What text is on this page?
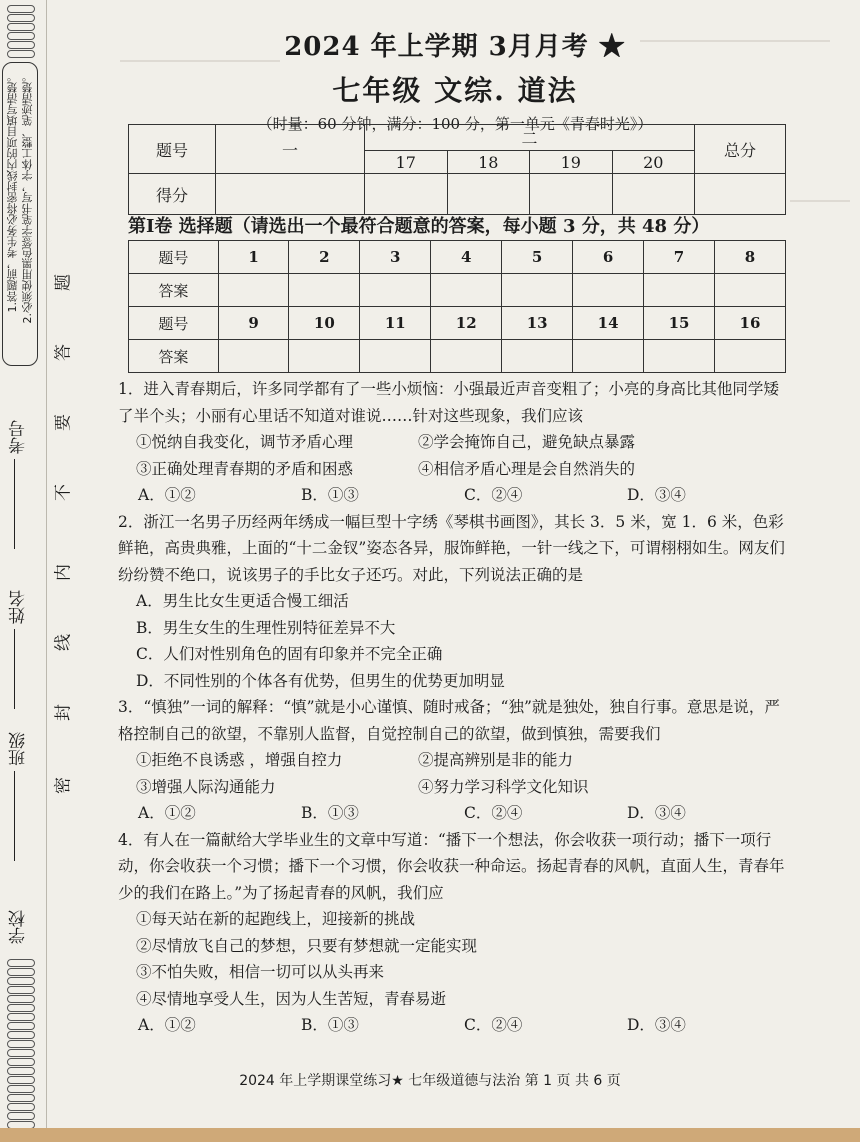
1.答题前，考生务必将密封线内的项目填写清楚。 2.必须使用黑色签字笔书写，字体工整、笔迹清楚。
考号
姓名
班级
学校
密
封
线
内
不
要
答
题
2024 年上学期 3月月考 ★
七年级 文综. 道法
（时量：60 分钟，满分：100 分，第一单元《青春时光》）
题号	一	二				总分
		17	18	19	20	
得分						
第Ⅰ卷 选择题（请选出一个最符合题意的答案，每小题 3 分，共 48 分）
题号	1	2	3	4	5	6	7	8
答案								
题号	9	10	11	12	13	14	15	16
答案								

1．进入青春期后，许多同学都有了一些小烦恼：小强最近声音变粗了；小亮的身高比其他同学矮了半个头；小丽有心里话不知道对谁说……针对这些现象，我们应该

①悦纳自我变化，调节矛盾心理	②学会掩饰自己，避免缺点暴露
③正确处理青春期的矛盾和困惑	④相信矛盾心理是会自然消失的
A．①②	B．①③	C．②④	D．③④

2．浙江一名男子历经两年绣成一幅巨型十字绣《琴棋书画图》，其长 3．5 米，宽 1．6 米，色彩鲜艳，高贵典雅，上面的“十二金钗”姿态各异，服饰鲜艳，一针一线之下，可谓栩栩如生。网友们纷纷赞不绝口，说该男子的手比女子还巧。对此，下列说法正确的是

A．男生比女生更适合慢工细活

B．男生女生的生理性别特征差异不大

C．人们对性别角色的固有印象并不完全正确

D．不同性别的个体各有优势，但男生的优势更加明显

3．“慎独”一词的解释：“慎”就是小心谨慎、随时戒备；“独”就是独处，独自行事。意思是说，严格控制自己的欲望，不靠别人监督，自觉控制自己的欲望，做到慎独，需要我们

①拒绝不良诱惑 ，增强自控力	②提高辨别是非的能力
③增强人际沟通能力	④努力学习科学文化知识
A．①②	B．①③	C．②④	D．③④

4．有人在一篇献给大学毕业生的文章中写道：“播下一个想法，你会收获一项行动；播下一项行动，你会收获一个习惯；播下一个习惯，你会收获一种命运。扬起青春的风帆，直面人生，青春年少的我们在路上。”为了扬起青春的风帆，我们应

①每天站在新的起跑线上，迎接新的挑战

②尽情放飞自己的梦想，只要有梦想就一定能实现

③不怕失败，相信一切可以从头再来

④尽情地享受人生，因为人生苦短，青春易逝

A．①②	B．①③	C．②④	D．③④
2024 年上学期课堂练习★ 七年级道德与法治 第 1 页 共 6 页
